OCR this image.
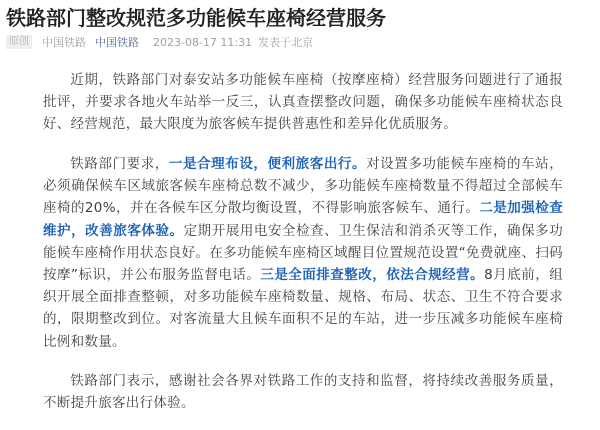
铁路部门整改规范多功能候车座椅经营服务
原创 中国铁路 中国铁路 2023-08-17 11:31 发表于北京

近期，铁路部门对泰安站多功能候车座椅（按摩座椅）经营服务问题进行了通报批评，并要求各地火车站举一反三，认真查摆整改问题，确保多功能候车座椅状态良好、经营规范，最大限度为旅客候车提供普惠性和差异化优质服务。

铁路部门要求，一是合理布设，便利旅客出行。对设置多功能候车座椅的车站，必须确保候车区域旅客候车座椅总数不减少，多功能候车座椅数量不得超过全部候车座椅的20%，并在各候车区分散均衡设置，不得影响旅客候车、通行。二是加强检查维护，改善旅客体验。定期开展用电安全检查、卫生保洁和消杀灭等工作，确保多功能候车座椅作用状态良好。在多功能候车座椅区域醒目位置规范设置“免费就座、扫码按摩”标识，并公布服务监督电话。三是全面排查整改，依法合规经营。8月底前，组织开展全面排查整顿，对多功能候车座椅数量、规格、布局、状态、卫生不符合要求的，限期整改到位。对客流量大且候车面积不足的车站，进一步压减多功能候车座椅比例和数量。

铁路部门表示，感谢社会各界对铁路工作的支持和监督，将持续改善服务质量，不断提升旅客出行体验。
